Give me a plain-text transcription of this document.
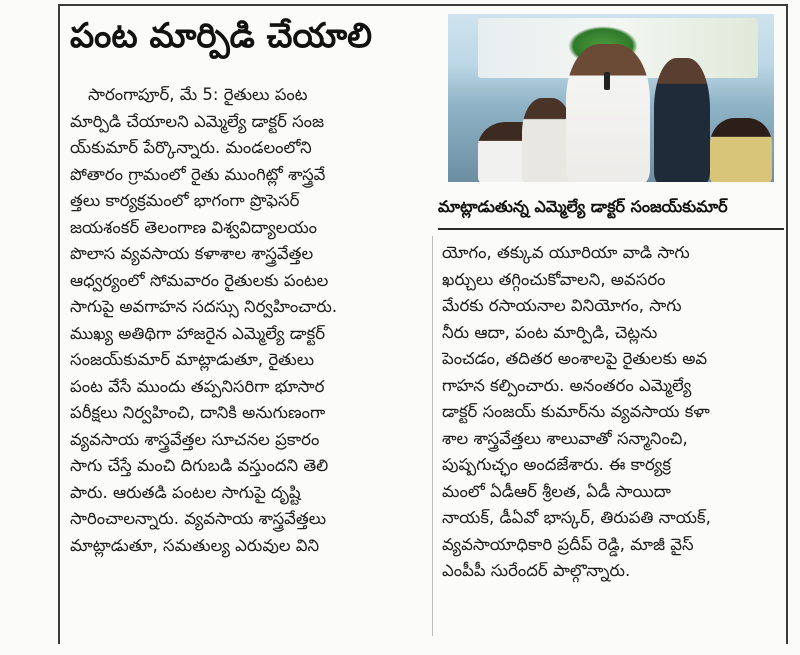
పంట మార్పిడి చేయాలి
సారంగాపూర్, మే 5: రైతులు పంట
మార్పిడి చేయాలని ఎమ్మెల్యే డాక్టర్ సంజ
య్‌కుమార్ పేర్కొన్నారు. మండలంలోని
పోతారం గ్రామంలో రైతు ముంగిట్లో శాస్త్రవే
త్తలు కార్యక్రమంలో భాగంగా ప్రొఫెసర్
జయశంకర్ తెలంగాణ విశ్వవిద్యాలయం
పొలాస వ్యవసాయ కళాశాల శాస్త్రవేత్తల
ఆధ్వర్యంలో సోమవారం రైతులకు పంటల
సాగుపై అవగాహన సదస్సు నిర్వహించారు.
ముఖ్య అతిథిగా హాజరైన ఎమ్మెల్యే డాక్టర్
సంజయ్‌కుమార్ మాట్లాడుతూ, రైతులు
పంట వేసే ముందు తప్పనిసరిగా భూసార
పరీక్షలు నిర్వహించి, దానికి అనుగుణంగా
వ్యవసాయ శాస్త్రవేత్తల సూచనల ప్రకారం
సాగు చేస్తే మంచి దిగుబడి వస్తుందని తెలి
పారు. ఆరుతడి పంటల సాగుపై దృష్టి
సారించాలన్నారు. వ్యవసాయ శాస్త్రవేత్తలు
మాట్లాడుతూ, సమతుల్య ఎరువుల విని
మాట్లాడుతున్న ఎమ్మెల్యే డాక్టర్ సంజయ్‌కుమార్
యోగం, తక్కువ యూరియా వాడి సాగు
ఖర్చులు తగ్గించుకోవాలని, అవసరం
మేరకు రసాయనాల వినియోగం, సాగు
నీరు ఆదా, పంట మార్పిడి, చెట్లను
పెంచడం, తదితర అంశాలపై రైతులకు అవ
గాహన కల్పించారు. అనంతరం ఎమ్మెల్యే
డాక్టర్ సంజయ్ కుమార్‌ను వ్యవసాయ కళా
శాల శాస్త్రవేత్తలు శాలువాతో సన్మానించి,
పుష్పగుచ్ఛం అందజేశారు. ఈ కార్యక్ర
మంలో ఏడీఆర్ శ్రీలత, ఏడీ సాయిదా
నాయక్, డీఏవో భాస్కర్, తిరుపతి నాయక్,
వ్యవసాయాధికారి ప్రదీప్ రెడ్డి, మాజీ వైస్
ఎంపీపీ సురేందర్ పాల్గొన్నారు.
